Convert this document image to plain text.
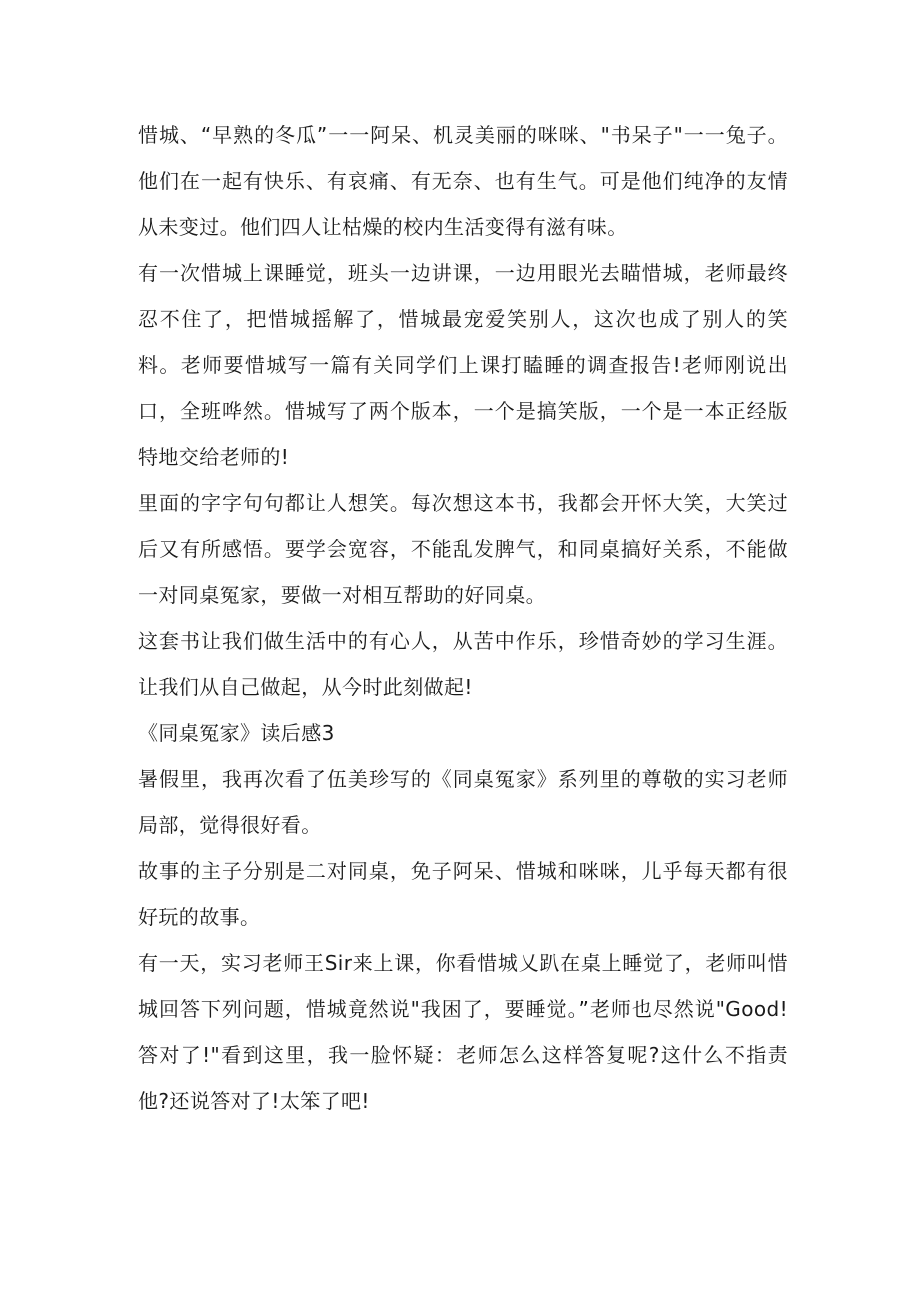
惜城、“早熟的冬瓜”一一阿呆、机灵美丽的咪咪、"书呆子"一一兔子。他们在一起有快乐、有哀痛、有无奈、也有生气。可是他们纯净的友情从未变过。他们四人让枯燥的校内生活变得有滋有味。

有一次惜城上课睡觉，班头一边讲课，一边用眼光去瞄惜城，老师最终忍不住了，把惜城摇解了，惜城最宠爱笑别人，这次也成了别人的笑料。老师要惜城写一篇有关同学们上课打瞌睡的调查报告!老师刚说出口，全班哗然。惜城写了两个版本，一个是搞笑版，一个是一本正经版特地交给老师的!

里面的字字句句都让人想笑。每次想这本书，我都会开怀大笑，大笑过后又有所感悟。要学会宽容，不能乱发脾气，和同桌搞好关系，不能做一对同桌冤家，要做一对相互帮助的好同桌。

这套书让我们做生活中的有心人，从苦中作乐，珍惜奇妙的学习生涯。让我们从自己做起，从今时此刻做起!

《同桌冤家》读后感3

暑假里，我再次看了伍美珍写的《同桌冤家》系列里的尊敬的实习老师局部，觉得很好看。

故事的主子分别是二对同桌，免子阿呆、惜城和咪咪，儿乎每天都有很好玩的故事。

有一天，实习老师王Sir来上课，你看惜城乂趴在桌上睡觉了，老师叫惜城回答下列问题，惜城竟然说"我困了，要睡觉。”老师也尽然说"Good!答对了!"看到这里，我一脸怀疑：老师怎么这样答复呢?这什么不指责他?还说答对了!太笨了吧!
